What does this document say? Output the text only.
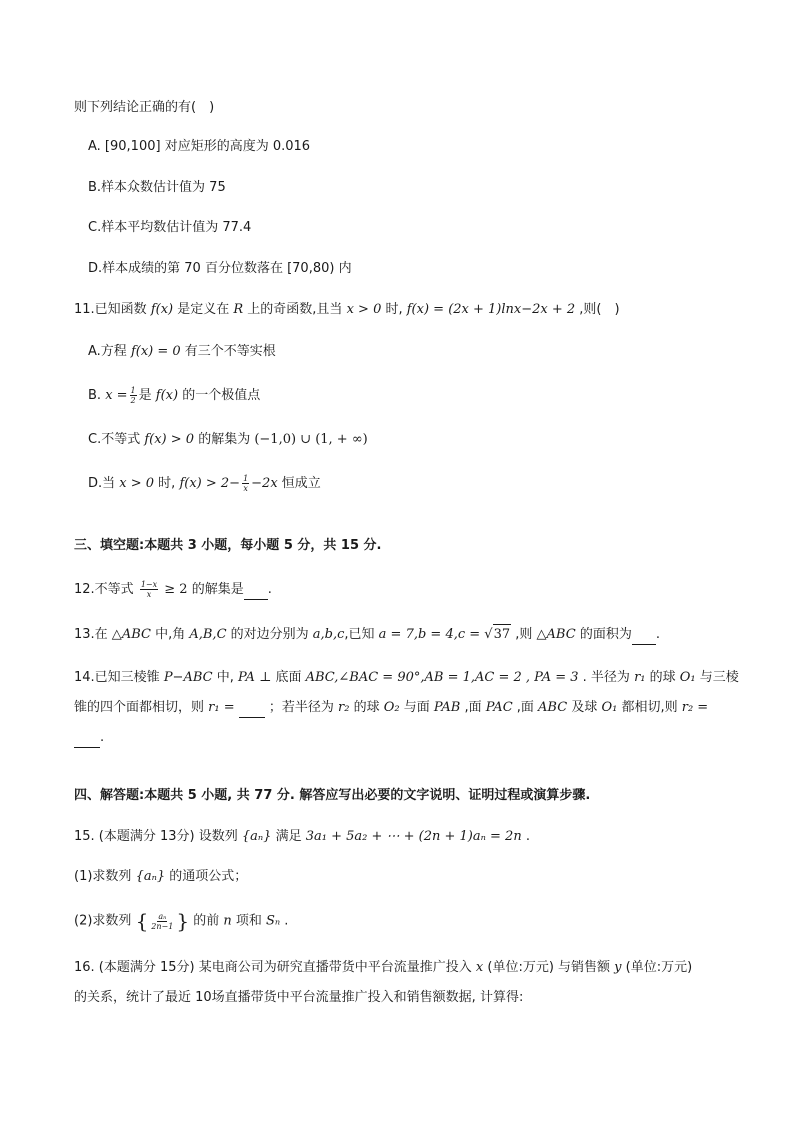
则下列结论正确的有(　)
A. [90,100] 对应矩形的高度为 0.016
B.样本众数估计值为 75
C.样本平均数估计值为 77.4
D.样本成绩的第 70 百分位数落在 [70,80) 内
11.已知函数 f(x) 是定义在 R 上的奇函数,且当 x > 0 时, f(x) = (2x + 1)lnx−2x + 2 ,则(　)
A.方程 f(x) = 0 有三个不等实根
B. $x = \frac{1}{2}$ 是 f(x) 的一个极值点
C.不等式 f(x) > 0 的解集为 (−1,0) ∪ (1, + ∞)
D.当 x > 0 时, $f(x) > 2- \frac{1}{x} -2x$ 恒成立
三、填空题:本题共 3 小题，每小题 5 分，共 15 分.
12.不等式 $\frac{1-x}{x} \ge 2$ 的解集是 .
13.在 △ABC 中,角 A,B,C 的对边分别为 a,b,c,已知 a = 7,b = 4,c = √37 ,则 △ABC 的面积为 .
14.已知三棱锥 P−ABC 中, PA ⊥ 底面 ABC,∠BAC = 90°,AB = 1,AC = 2 , PA = 3 . 半径为 r₁ 的球 O₁ 与三棱
锥的四个面都相切，则 r₁ =  ；若半径为 r₂ 的球 O₂ 与面 PAB ,面 PAC ,面 ABC 及球 O₁ 都相切,则 r₂ =
.
四、解答题:本题共 5 小题, 共 77 分. 解答应写出必要的文字说明、证明过程或演算步骤.
15. (本题满分 13分) 设数列 {aₙ} 满足 3a₁ + 5a₂ + ⋯ + (2n + 1)aₙ = 2n .
(1)求数列 {aₙ} 的通项公式；
(2)求数列 { $\frac{\text{aₙ}}{2n-1}$ } 的前 n 项和 Sₙ .
16. (本题满分 15分) 某电商公司为研究直播带货中平台流量推广投入 x (单位:万元) 与销售额 y (单位:万元)
的关系，统计了最近 10场直播带货中平台流量推广投入和销售额数据, 计算得:
